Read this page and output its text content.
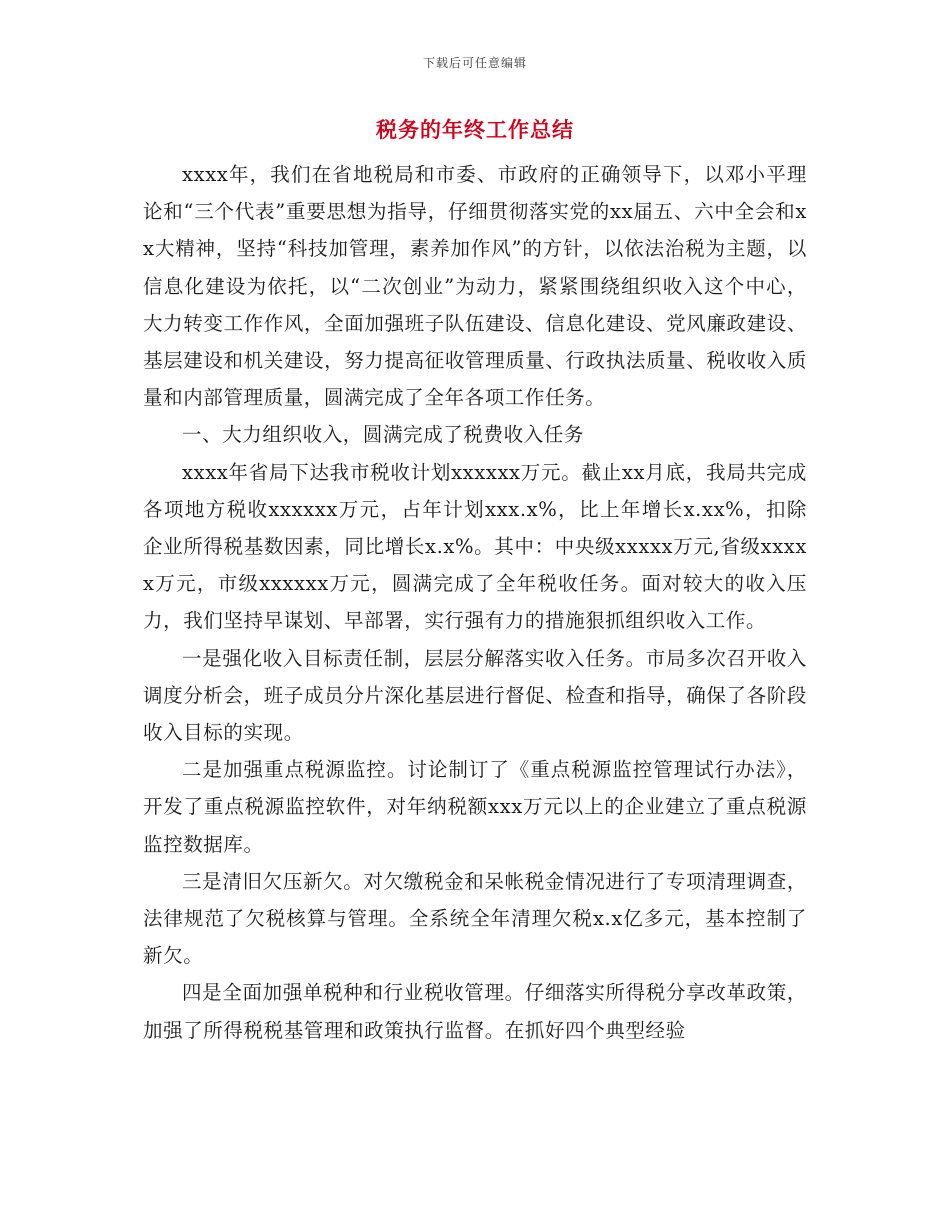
下载后可任意编辑
税务的年终工作总结

xxxx年，我们在省地税局和市委、市政府的正确领导下，以邓小平理论和“三个代表”重要思想为指导，仔细贯彻落实党的xx届五、六中全会和xx大精神，坚持“科技加管理，素养加作风”的方针，以依法治税为主题，以信息化建设为依托，以“二次创业”为动力，紧紧围绕组织收入这个中心，大力转变工作作风，全面加强班子队伍建设、信息化建设、党风廉政建设、基层建设和机关建设，努力提高征收管理质量、行政执法质量、税收收入质量和内部管理质量，圆满完成了全年各项工作任务。

一、大力组织收入，圆满完成了税费收入任务

xxxx年省局下达我市税收计划xxxxxx万元。截止xx月底，我局共完成各项地方税收xxxxxx万元，占年计划xxx.x%，比上年增长x.xx%，扣除企业所得税基数因素，同比增长x.x%。其中：中央级xxxxx万元,省级xxxxx万元，市级xxxxxx万元，圆满完成了全年税收任务。面对较大的收入压力，我们坚持早谋划、早部署，实行强有力的措施狠抓组织收入工作。

一是强化收入目标责任制，层层分解落实收入任务。市局多次召开收入调度分析会，班子成员分片深化基层进行督促、检查和指导，确保了各阶段收入目标的实现。

二是加强重点税源监控。讨论制订了《重点税源监控管理试行办法》，开发了重点税源监控软件，对年纳税额xxx万元以上的企业建立了重点税源监控数据库。

三是清旧欠压新欠。对欠缴税金和呆帐税金情况进行了专项清理调查，法律规范了欠税核算与管理。全系统全年清理欠税x.x亿多元，基本控制了新欠。

四是全面加强单税种和行业税收管理。仔细落实所得税分享改革政策，加强了所得税税基管理和政策执行监督。在抓好四个典型经验
